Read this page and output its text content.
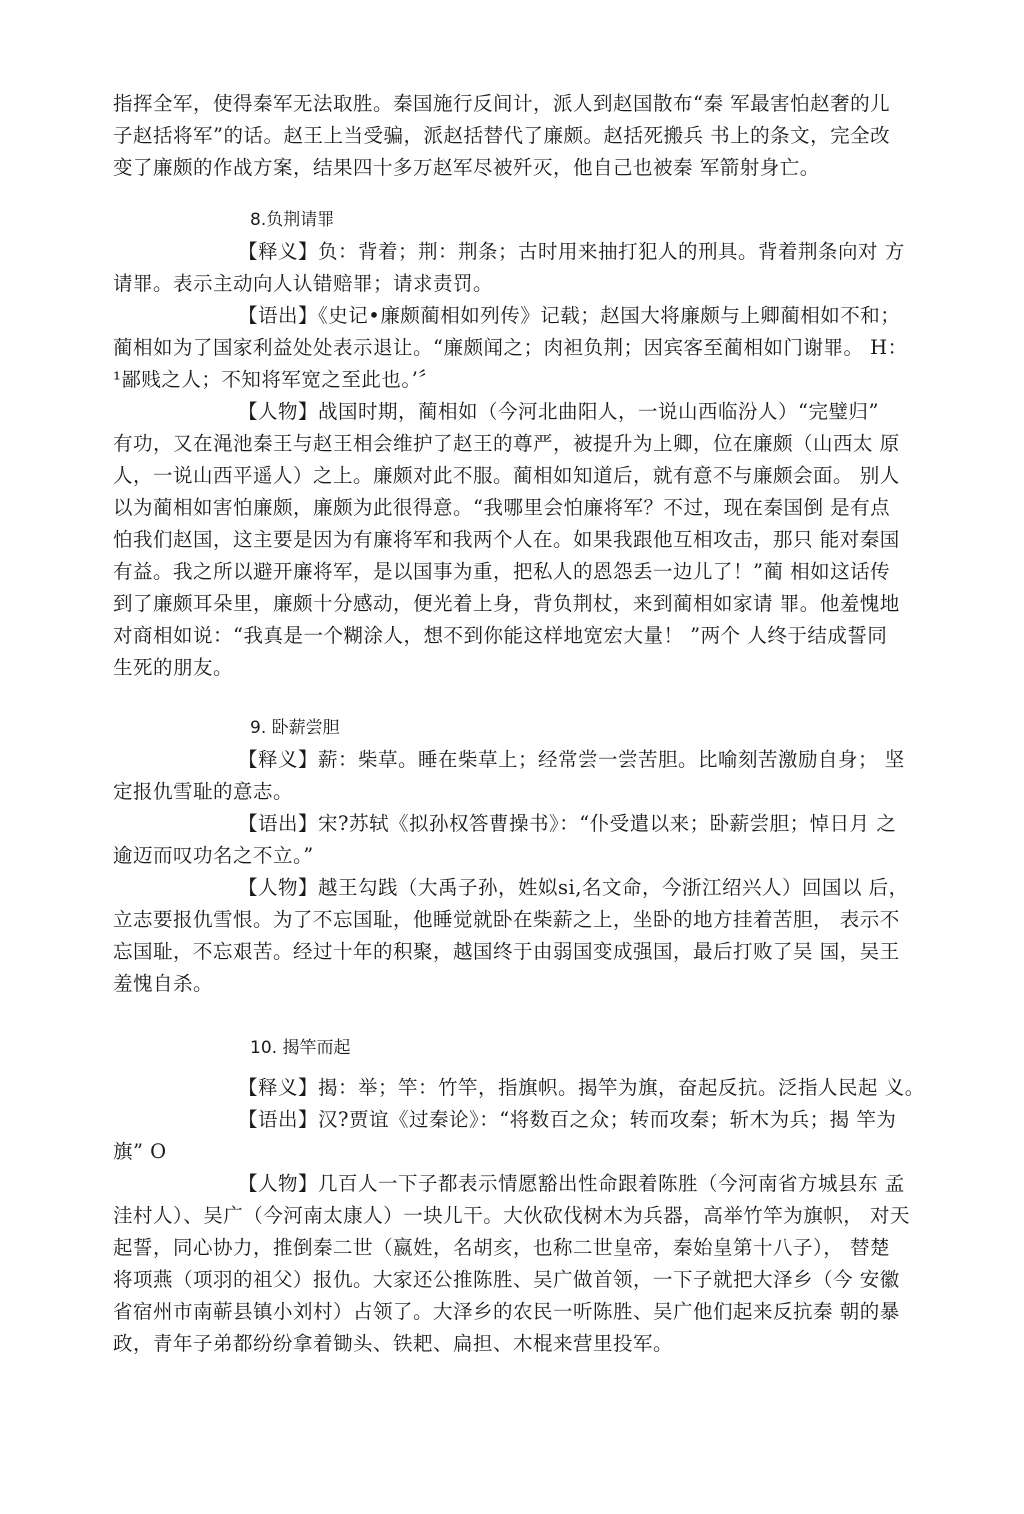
指挥全军，使得秦军无法取胜。秦国施行反间计，派人到赵国散布“秦 军最害怕赵奢的儿
子赵括将军”的话。赵王上当受骗，派赵括替代了廉颇。赵括死搬兵 书上的条文，完全改
变了廉颇的作战方案，结果四十多万赵军尽被歼灭，他自己也被秦 军箭射身亡。
8.负荆请罪
【释义】负：背着；荆：荆条；古时用来抽打犯人的刑具。背着荆条向对 方
请罪。表示主动向人认错赔罪；请求责罚。
【语出】《史记•廉颇蔺相如列传》记载；赵国大将廉颇与上卿蔺相如不和；
蔺相如为了国家利益处处表示退让。“廉颇闻之；肉袒负荆；因宾客至蔺相如门谢罪。 H：
¹鄙贱之人；不知将军宽之至此也。’〞
【人物】战国时期，蔺相如（今河北曲阳人，一说山西临汾人）“完璧归”
有功，又在渑池秦王与赵王相会维护了赵王的尊严，被提升为上卿，位在廉颇（山西太 原
人，一说山西平遥人）之上。廉颇对此不服。蔺相如知道后，就有意不与廉颇会面。 别人
以为蔺相如害怕廉颇，廉颇为此很得意。“我哪里会怕廉将军？不过，现在秦国倒 是有点
怕我们赵国，这主要是因为有廉将军和我两个人在。如果我跟他互相攻击，那只 能对秦国
有益。我之所以避开廉将军，是以国事为重，把私人的恩怨丢一边儿了！”蔺 相如这话传
到了廉颇耳朵里，廉颇十分感动，便光着上身，背负荆杖，来到蔺相如家请 罪。他羞愧地
对商相如说：“我真是一个糊涂人，想不到你能这样地宽宏大量！ ”两个 人终于结成誓同
生死的朋友。
9. 卧薪尝胆
【释义】薪：柴草。睡在柴草上；经常尝一尝苦胆。比喻刻苦激励自身； 坚
定报仇雪耻的意志。
【语出】宋?苏轼《拟孙权答曹操书》：“仆受遣以来；卧薪尝胆；悼日月 之
逾迈而叹功名之不立。”
【人物】越王勾践（大禹子孙，姓姒si,名文命，今浙江绍兴人）回国以 后，
立志要报仇雪恨。为了不忘国耻，他睡觉就卧在柴薪之上，坐卧的地方挂着苦胆， 表示不
忘国耻，不忘艰苦。经过十年的积聚，越国终于由弱国变成强国，最后打败了吴 国，吴王
羞愧自杀。
10. 揭竿而起
【释义】揭：举；竿：竹竿，指旗帜。揭竿为旗，奋起反抗。泛指人民起 义。
【语出】汉?贾谊《过秦论》：“将数百之众；转而攻秦；斩木为兵；揭 竿为
旗” O
【人物】几百人一下子都表示情愿豁出性命跟着陈胜（今河南省方城县东 孟
洼村人）、吴广（今河南太康人）一块儿干。大伙砍伐树木为兵器，高举竹竿为旗帜， 对天
起誓，同心协力，推倒秦二世（嬴姓，名胡亥，也称二世皇帝，秦始皇第十八子）， 替楚
将项燕（项羽的祖父）报仇。大家还公推陈胜、吴广做首领，一下子就把大泽乡（今 安徽
省宿州市南蕲县镇小刘村）占领了。大泽乡的农民一听陈胜、吴广他们起来反抗秦 朝的暴
政，青年子弟都纷纷拿着锄头、铁耙、扁担、木棍来营里投军。
